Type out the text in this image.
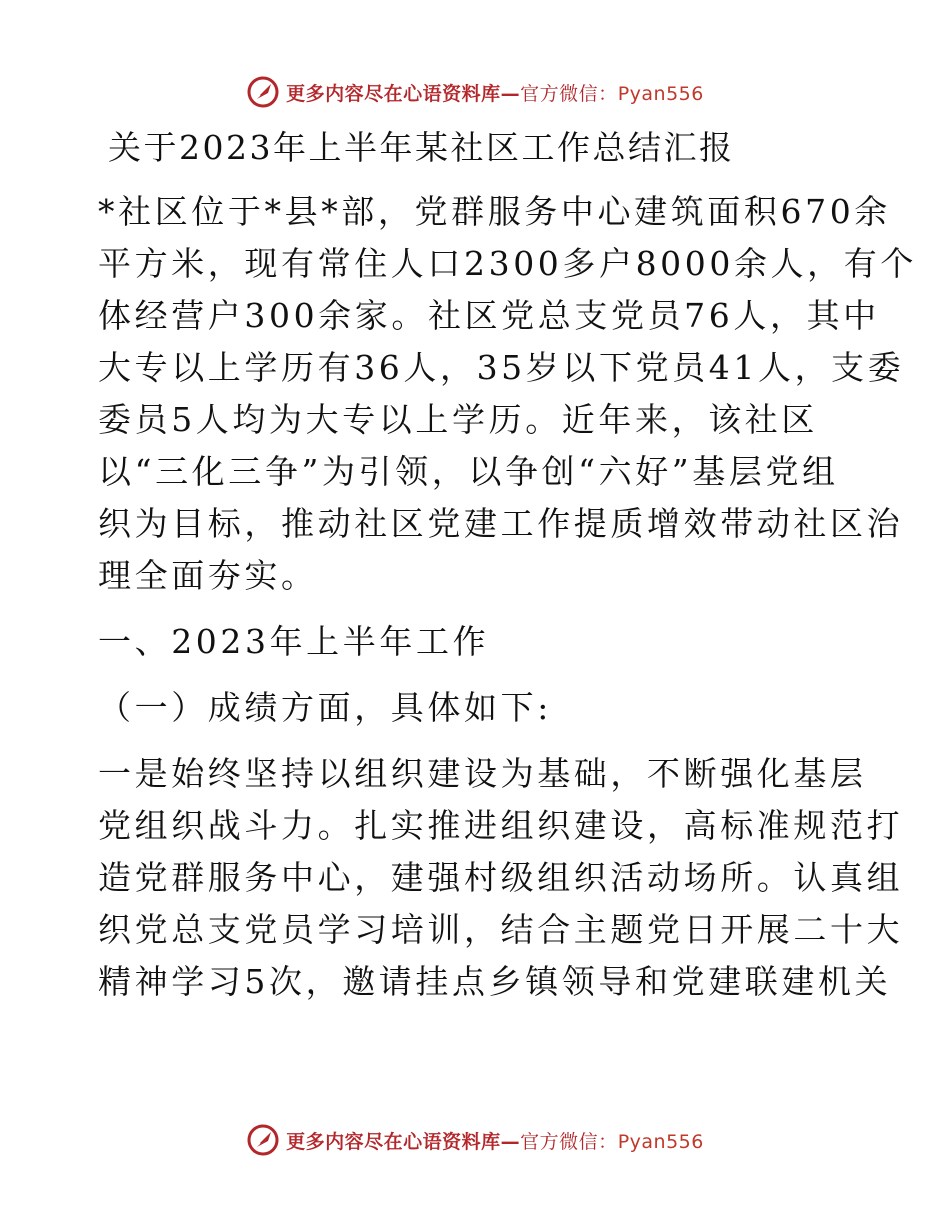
更多内容尽在心语资料库—官方微信：Pyan556
关于2023年上半年某社区工作总结汇报
*社区位于*县*部，党群服务中心建筑面积670余
平方米，现有常住人口2300多户8000余人，有个
体经营户300余家。社区党总支党员76人，其中
大专以上学历有36人，35岁以下党员41人，支委
委员5人均为大专以上学历。近年来，该社区
以“三化三争”为引领，以争创“六好”基层党组
织为目标，推动社区党建工作提质增效带动社区治
理全面夯实。
一、2023年上半年工作
（一）成绩方面，具体如下:
一是始终坚持以组织建设为基础，不断强化基层
党组织战斗力。扎实推进组织建设，高标准规范打
造党群服务中心，建强村级组织活动场所。认真组
织党总支党员学习培训，结合主题党日开展二十大
精神学习5次，邀请挂点乡镇领导和党建联建机关
更多内容尽在心语资料库—官方微信：Pyan556
